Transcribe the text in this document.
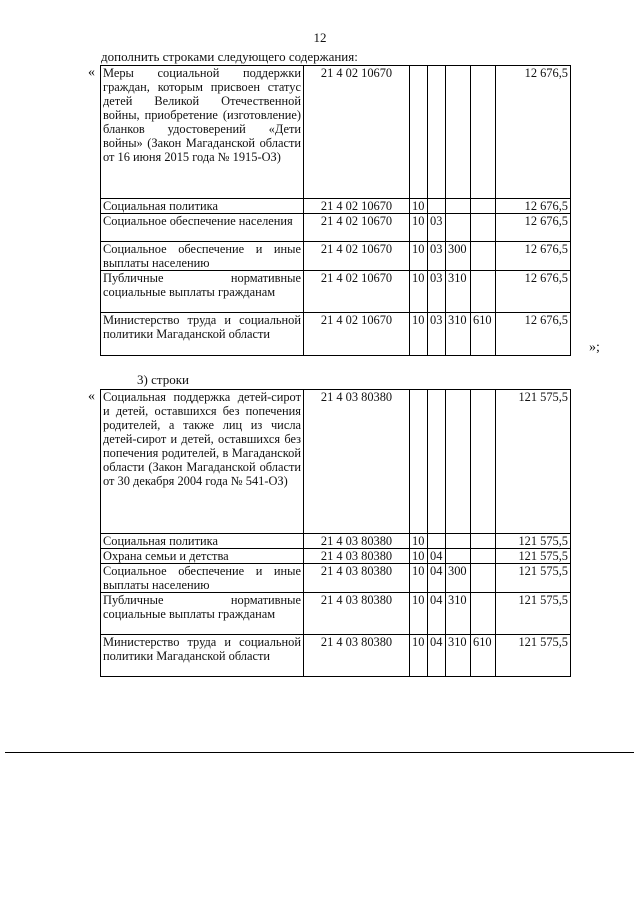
12
дополнить строками следующего содержания:
« Меры социальной поддержки граждан, которым присвоен статус детей Великой Отечественной войны, приобретение (изготовление) бланков удостоверений «Дети войны» (Закон Магаданской области от 16 июня 2015 года № 1915-ОЗ)	21 4 02 10670					12 676,5
Социальная политика	21 4 02 10670	10				12 676,5
Социальное обеспечение населения	21 4 02 10670	10	03			12 676,5
Социальное обеспечение и иные выплаты населению	21 4 02 10670	10	03	300		12 676,5
Публичные нормативные социальные выплаты гражданам	21 4 02 10670	10	03	310		12 676,5
Министерство труда и социальной политики Магаданской области	21 4 02 10670	10	03	310	610	12 676,5
»;
3) строки
« Социальная поддержка детей-сирот и детей, оставшихся без попечения родителей, а также лиц из числа детей-сирот и детей, оставшихся без попечения родителей, в Магаданской области (Закон Магаданской области от 30 декабря 2004 года № 541-ОЗ)	21 4 03 80380					121 575,5
Социальная политика	21 4 03 80380	10				121 575,5
Охрана семьи и детства	21 4 03 80380	10	04			121 575,5
Социальное обеспечение и иные выплаты населению	21 4 03 80380	10	04	300		121 575,5
Публичные нормативные социальные выплаты гражданам	21 4 03 80380	10	04	310		121 575,5
Министерство труда и социальной политики Магаданской области	21 4 03 80380	10	04	310	610	121 575,5
